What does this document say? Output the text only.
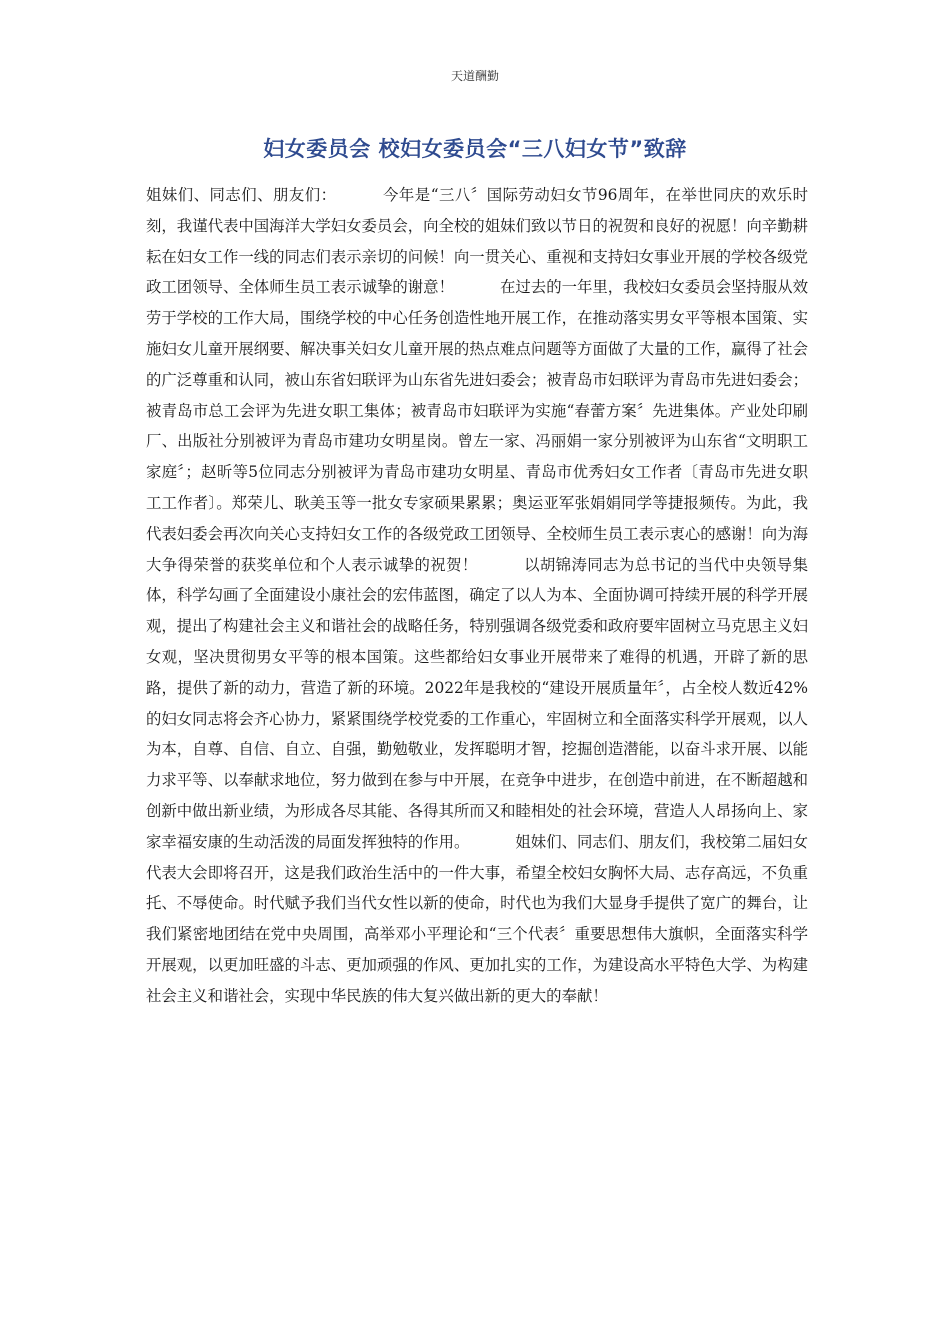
天道酬勤
妇女委员会 校妇女委员会“三八妇女节”致辞

姐妹们、同志们、朋友们：	今年是“三八〞国际劳动妇女节96周年，在举世同庆的欢乐时刻，我谨代表中国海洋大学妇女委员会，向全校的姐妹们致以节日的祝贺和良好的祝愿！向辛勤耕耘在妇女工作一线的同志们表示亲切的问候！向一贯关心、重视和支持妇女事业开展的学校各级党政工团领导、全体师生员工表示诚挚的谢意！	在过去的一年里，我校妇女委员会坚持服从效劳于学校的工作大局，围绕学校的中心任务创造性地开展工作，在推动落实男女平等根本国策、实施妇女儿童开展纲要、解决事关妇女儿童开展的热点难点问题等方面做了大量的工作，赢得了社会的广泛尊重和认同，被山东省妇联评为山东省先进妇委会；被青岛市妇联评为青岛市先进妇委会；被青岛市总工会评为先进女职工集体；被青岛市妇联评为实施“春蕾方案〞先进集体。产业处印刷厂、出版社分别被评为青岛市建功女明星岗。曾左一家、冯丽娟一家分别被评为山东省“文明职工家庭〞；赵昕等5位同志分别被评为青岛市建功女明星、青岛市优秀妇女工作者〔青岛市先进女职工工作者〕。郑荣儿、耿美玉等一批女专家硕果累累；奥运亚军张娟娟同学等捷报频传。为此，我代表妇委会再次向关心支持妇女工作的各级党政工团领导、全校师生员工表示衷心的感谢！向为海大争得荣誉的获奖单位和个人表示诚挚的祝贺！	以胡锦涛同志为总书记的当代中央领导集体，科学勾画了全面建设小康社会的宏伟蓝图，确定了以人为本、全面协调可持续开展的科学开展观，提出了构建社会主义和谐社会的战略任务，特别强调各级党委和政府要牢固树立马克思主义妇女观，坚决贯彻男女平等的根本国策。这些都给妇女事业开展带来了难得的机遇，开辟了新的思路，提供了新的动力，营造了新的环境。2022年是我校的“建设开展质量年〞，占全校人数近42%的妇女同志将会齐心协力，紧紧围绕学校党委的工作重心，牢固树立和全面落实科学开展观，以人为本，自尊、自信、自立、自强，勤勉敬业，发挥聪明才智，挖掘创造潜能，以奋斗求开展、以能力求平等、以奉献求地位，努力做到在参与中开展，在竞争中进步，在创造中前进，在不断超越和创新中做出新业绩，为形成各尽其能、各得其所而又和睦相处的社会环境，营造人人昂扬向上、家家幸福安康的生动活泼的局面发挥独特的作用。	姐妹们、同志们、朋友们，我校第二届妇女代表大会即将召开，这是我们政治生活中的一件大事，希望全校妇女胸怀大局、志存高远，不负重托、不辱使命。时代赋予我们当代女性以新的使命，时代也为我们大显身手提供了宽广的舞台，让我们紧密地团结在党中央周围，高举邓小平理论和“三个代表〞重要思想伟大旗帜，全面落实科学开展观，以更加旺盛的斗志、更加顽强的作风、更加扎实的工作，为建设高水平特色大学、为构建社会主义和谐社会，实现中华民族的伟大复兴做出新的更大的奉献！
